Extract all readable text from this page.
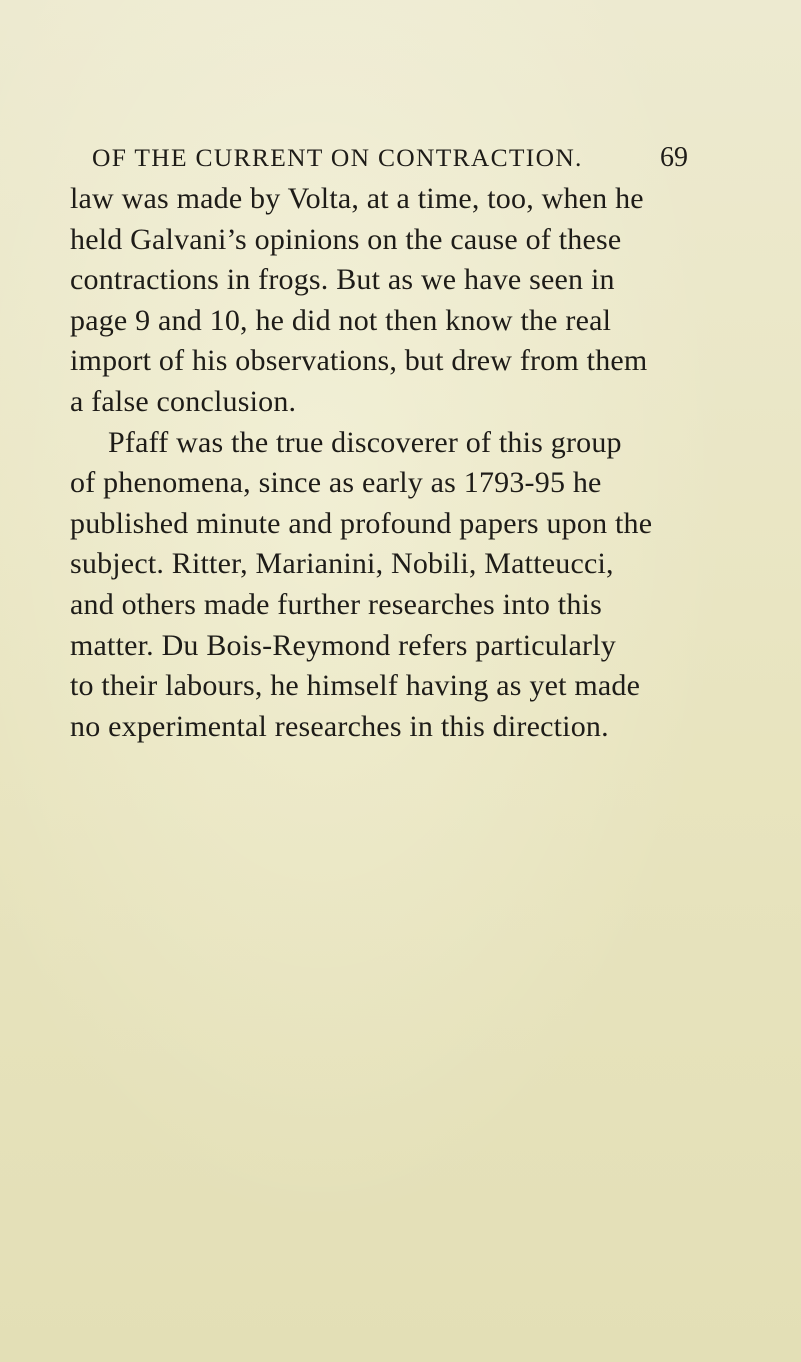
OF THE CURRENT ON CONTRACTION.	69
law was made by Volta, at a time, too, when he
held Galvani’s opinions on the cause of these
contractions in frogs. But as we have seen in
page 9 and 10, he did not then know the real
import of his observations, but drew from them
a false conclusion.
Pfaff was the true discoverer of this group
of phenomena, since as early as 1793-95 he
published minute and profound papers upon the
subject. Ritter, Marianini, Nobili, Matteucci,
and others made further researches into this
matter. Du Bois-Reymond refers particularly
to their labours, he himself having as yet made
no experimental researches in this direction.
